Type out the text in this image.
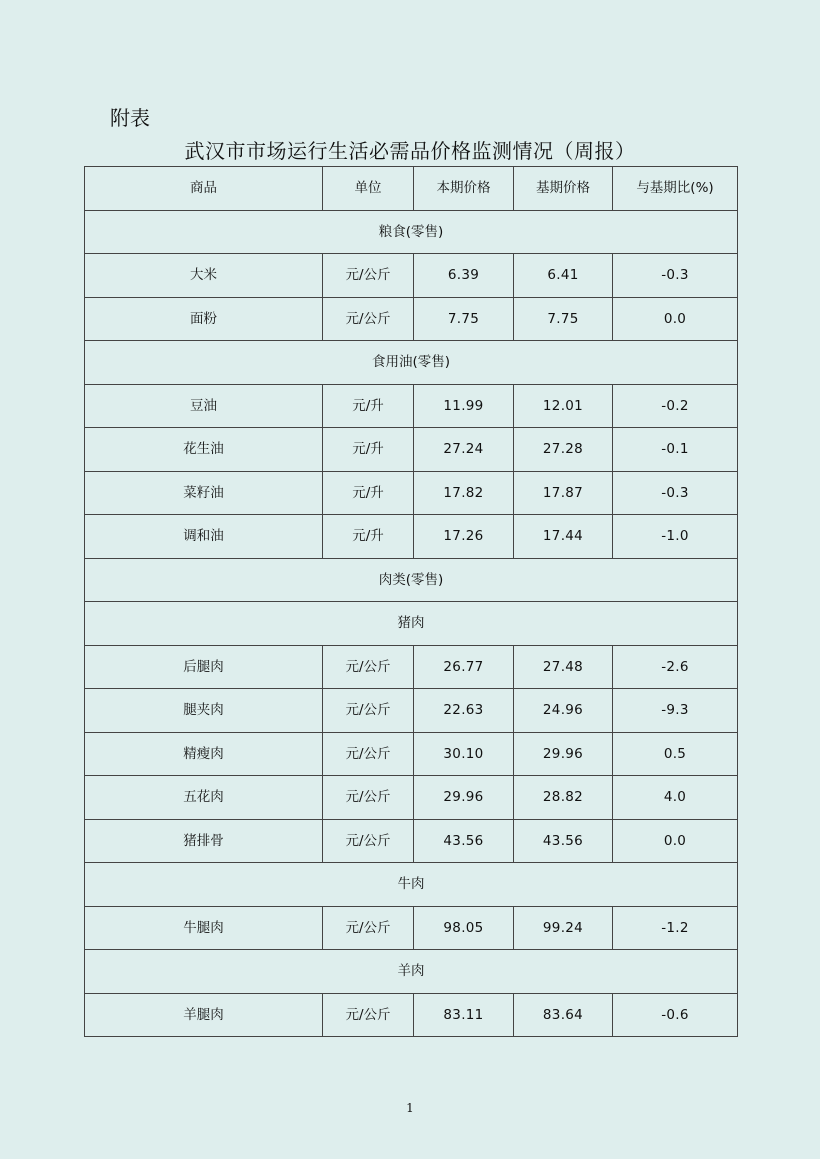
附表
武汉市市场运行生活必需品价格监测情况（周报）
商品	单位	本期价格	基期价格	与基期比(%)
粮食(零售)				
大米	元/公斤	6.39	6.41	-0.3
面粉	元/公斤	7.75	7.75	0.0
食用油(零售)				
豆油	元/升	11.99	12.01	-0.2
花生油	元/升	27.24	27.28	-0.1
菜籽油	元/升	17.82	17.87	-0.3
调和油	元/升	17.26	17.44	-1.0
肉类(零售)				
猪肉				
后腿肉	元/公斤	26.77	27.48	-2.6
腿夹肉	元/公斤	22.63	24.96	-9.3
精瘦肉	元/公斤	30.10	29.96	0.5
五花肉	元/公斤	29.96	28.82	4.0
猪排骨	元/公斤	43.56	43.56	0.0
牛肉				
牛腿肉	元/公斤	98.05	99.24	-1.2
羊肉				
羊腿肉	元/公斤	83.11	83.64	-0.6
1
